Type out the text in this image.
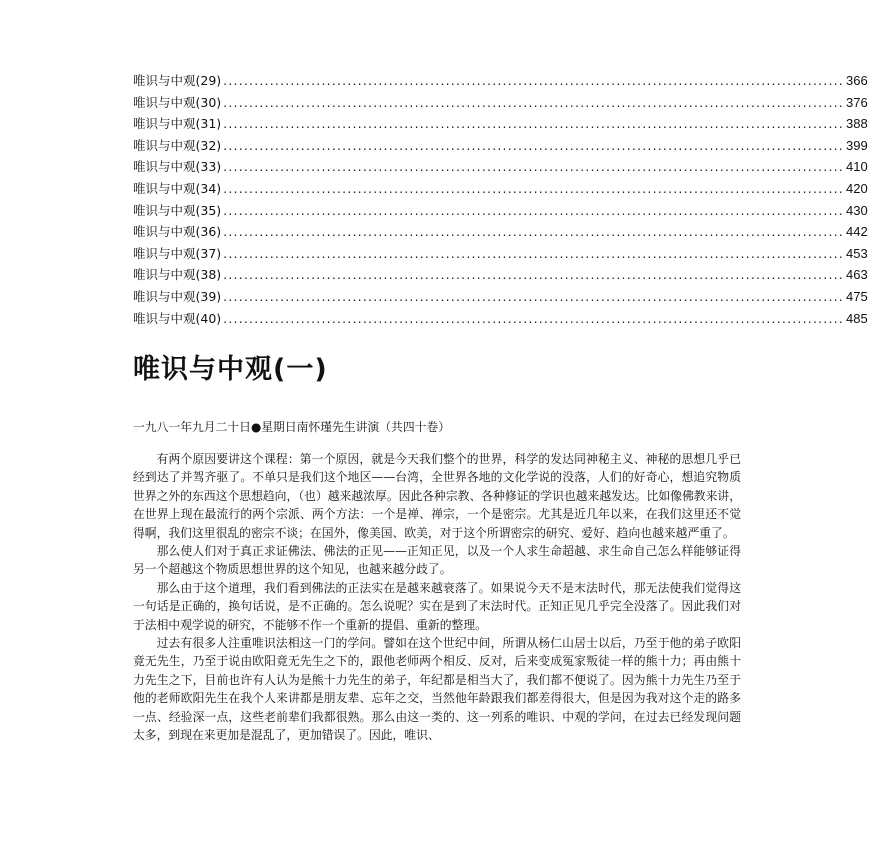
唯识与中观(29) ........................................................................................................................ 366
唯识与中观(30) ........................................................................................................................ 376
唯识与中观(31) ........................................................................................................................ 388
唯识与中观(32) ........................................................................................................................ 399
唯识与中观(33) ........................................................................................................................ 410
唯识与中观(34) ........................................................................................................................ 420
唯识与中观(35) ........................................................................................................................ 430
唯识与中观(36) ........................................................................................................................ 442
唯识与中观(37) ........................................................................................................................ 453
唯识与中观(38) ........................................................................................................................ 463
唯识与中观(39) ........................................................................................................................ 475
唯识与中观(40) ........................................................................................................................ 485
唯识与中观(一)

一九八一年九月二十日●星期日南怀瑾先生讲演（共四十卷）

有两个原因要讲这个课程：第一个原因，就是今天我们整个的世界，科学的发达同神秘主义、神秘的思想几乎已经到达了并驾齐驱了。不单只是我们这个地区——台湾，全世界各地的文化学说的没落，人们的好奇心，想追究物质世界之外的东西这个思想趋向，（也）越来越浓厚。因此各种宗教、各种修证的学识也越来越发达。比如像佛教来讲，在世界上现在最流行的两个宗派、两个方法：一个是禅、禅宗，一个是密宗。尤其是近几年以来，在我们这里还不觉得啊，我们这里很乱的密宗不谈；在国外，像美国、欧美，对于这个所谓密宗的研究、爱好、趋向也越来越严重了。

那么使人们对于真正求证佛法、佛法的正见——正知正见，以及一个人求生命超越、求生命自己怎么样能够证得另一个超越这个物质思想世界的这个知见，也越来越分歧了。

那么由于这个道理，我们看到佛法的正法实在是越来越衰落了。如果说今天不是末法时代，那无法使我们觉得这一句话是正确的，换句话说，是不正确的。怎么说呢？实在是到了末法时代。正知正见几乎完全没落了。因此我们对于法相中观学说的研究，不能够不作一个重新的提倡、重新的整理。

过去有很多人注重唯识法相这一门的学问。譬如在这个世纪中间，所谓从杨仁山居士以后，乃至于他的弟子欧阳竟无先生，乃至于说由欧阳竟无先生之下的，跟他老师两个相反、反对，后来变成冤家叛徒一样的熊十力；再由熊十力先生之下，目前也许有人认为是熊十力先生的弟子，年纪都是相当大了，我们都不便说了。因为熊十力先生乃至于他的老师欧阳先生在我个人来讲都是朋友辈、忘年之交，当然他年龄跟我们都差得很大，但是因为我对这个走的路多一点、经验深一点，这些老前辈们我都很熟。那么由这一类的、这一列系的唯识、中观的学问，在过去已经发现问题太多，到现在来更加是混乱了，更加错误了。因此，唯识、
